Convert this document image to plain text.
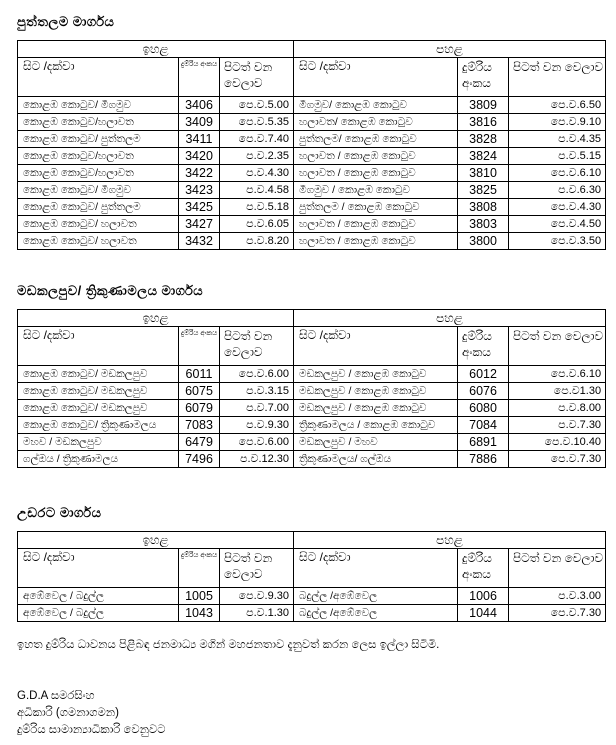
පුත්තලම මාර්ගය
ඉහළ			පහළ		
සිට /දක්වා	දුම්රිය අංකය	පිටත් වන වෙලාව	සිට /දක්වා	දුම්රිය අංකය	පිටත් වන වෙලාව
කොළඹ කොටුව/ මීගමුව	3406	පෙ.ව.5.00	මීගමුව/ කොළඹ කොටුව	3809	පෙ.ව.6.50
කොළඹ කොටුව/හලාවත	3409	පෙ.ව.5.35	හලාවත/ කොළඹ කොටුව	3816	පෙ.ව.9.10
කොළඹ කොටුව/ පුත්තලම	3411	පෙ.ව.7.40	පුත්තලම/ කොළඹ කොටුව	3828	ප.ව.4.35
කොළඹ කොටුව/හලාවත	3420	ප.ව.2.35	හලාවත / කොළඹ කොටුව	3824	ප.ව.5.15
කොළඹ කොටුව/හලාවත	3422	ප.ව.4.30	හලාවත / කොළඹ කොටුව	3810	පෙ.ව.6.10
කොළඹ කොටුව/ මීගමුව	3423	ප.ව.4.58	මීගමුව / කොළඹ කොටුව	3825	ප.ව.6.30
කොළඹ කොටුව/ පුත්තලම	3425	ප.ව.5.18	පුත්තලම / කොළඹ කොටුව	3808	පෙ.ව.4.30
කොළඹ කොටුව/ හලාවත	3427	ප.ව.6.05	හලාවත / කොළඹ කොටුව	3803	පෙ.ව.4.50
කොළඹ කොටුව/ හලාවත	3432	ප.ව.8.20	හලාවත / කොළඹ කොටුව	3800	පෙ.ව.3.50
මඩකලපුව/ ත්‍රිකුණාමලය මාර්ගය
ඉහළ			පහළ		
සිට /දක්වා	දුම්රිය අංකය	පිටත් වන වෙලාව	සිට /දක්වා	දුම්රිය අංකය	පිටත් වන වෙලාව
කොළඹ කොටුව/ මඩකලපුව	6011	පෙ.ව.6.00	මඩකලපුව / කොළඹ කොටුව	6012	පෙ.ව.6.10
කොළඹ කොටුව/ මඩකලපුව	6075	ප.ව.3.15	මඩකලපුව / කොළඹ කොටුව	6076	පෙ.ව1.30
කොළඹ කොටුව/ මඩකලපුව	6079	ප.ව.7.00	මඩකලපුව / කොළඹ කොටුව	6080	ප.ව.8.00
කොළඹ කොටුව/ ත්‍රිකුණාමලය	7083	ප.ව.9.30	ත්‍රිකුණාමලය / කොළඹ කොටුව	7084	ප.ව.7.30
මහව / මඩකලපුව	6479	පෙ.ව.6.00	මඩකලපුව / මහව	6891	පෙ.ව.10.40
ගල්ඔය / ත්‍රිකුණාමලය	7496	ප.ව.12.30	ත්‍රිකුණාමලය/ ගල්ඔය	7886	පෙ.ව.7.30
උඩරට මාර්ගය
ඉහළ			පහළ		
සිට /දක්වා	දුම්රිය අංකය	පිටත් වන වෙලාව	සිට /දක්වා	දුම්රිය අංකය	පිටත් වන වෙලාව
අඹේවෙල / බදුල්ල	1005	පෙ.ව.9.30	බදුල්ල /අඹේවෙල	1006	ප.ව.3.00
අඹේවෙල / බදුල්ල	1043	ප.ව.1.30	බදුල්ල /අඹේවෙල	1044	පෙ.ව.7.30

ඉහත දුම්රිය ධාවනය පිළිබඳ ජනමාධ්‍ය මගින් මහජනතාව දැනුවත් කරන ලෙස ඉල්ලා සිටිමි.

G.D.A සමරසිංහ
අධිකාරි (ගමනාගමන)
දුම්රිය සාමාන්‍යාධිකාරි වෙනුවට
